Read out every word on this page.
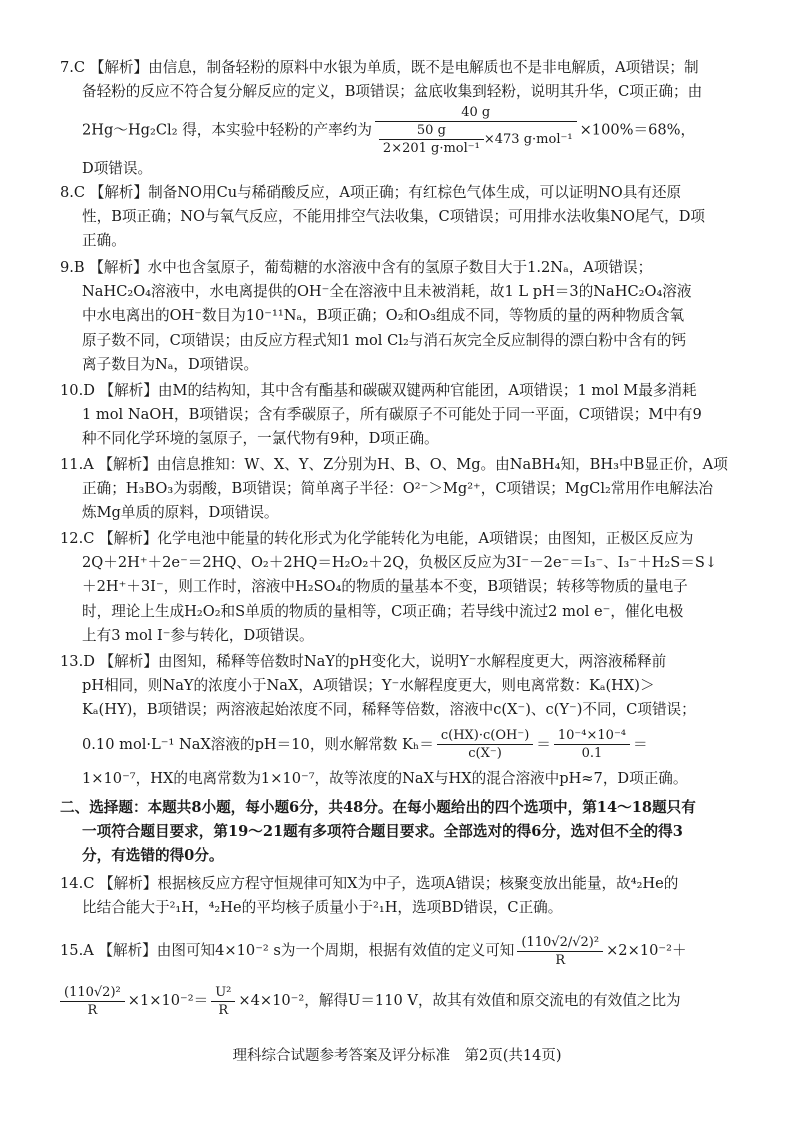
7.C 【解析】由信息，制备轻粉的原料中水银为单质，既不是电解质也不是非电解质，A项错误；制
备轻粉的反应不符合复分解反应的定义，B项错误；盆底收集到轻粉，说明其升华，C项正确；由
2Hg～Hg₂Cl₂ 得，本实验中轻粉的产率约为 $\frac{40 g}{\frac{50 g}{\text{2×201 g·mol⁻¹}} \times 473 g\cdot mol^{-1}} \times 100\%=68\%$，
D项错误。
8.C 【解析】制备NO用Cu与稀硝酸反应，A项正确；有红棕色气体生成，可以证明NO具有还原
性，B项正确；NO与氧气反应，不能用排空气法收集，C项错误；可用排水法收集NO尾气，D项
正确。
9.B 【解析】水中也含氢原子，葡萄糖的水溶液中含有的氢原子数目大于1.2Nₐ，A项错误；
NaHC₂O₄溶液中，水电离提供的OH⁻全在溶液中且未被消耗，故1 L pH＝3的NaHC₂O₄溶液
中水电离出的OH⁻数目为10⁻¹¹Nₐ，B项正确；O₂和O₃组成不同，等物质的量的两种物质含氧
原子数不同，C项错误；由反应方程式知1 mol Cl₂与消石灰完全反应制得的漂白粉中含有的钙
离子数目为Nₐ，D项错误。
10.D 【解析】由M的结构知，其中含有酯基和碳碳双键两种官能团，A项错误；1 mol M最多消耗
1 mol NaOH，B项错误；含有季碳原子，所有碳原子不可能处于同一平面，C项错误；M中有9
种不同化学环境的氢原子，一氯代物有9种，D项正确。
11.A 【解析】由信息推知：W、X、Y、Z分别为H、B、O、Mg。由NaBH₄知，BH₃中B显正价，A项
正确；H₃BO₃为弱酸，B项错误；简单离子半径：O²⁻＞Mg²⁺，C项错误；MgCl₂常用作电解法冶
炼Mg单质的原料，D项错误。
12.C 【解析】化学电池中能量的转化形式为化学能转化为电能，A项错误；由图知，正极区反应为
2Q＋2H⁺＋2e⁻＝2HQ、O₂＋2HQ＝H₂O₂＋2Q，负极区反应为3I⁻－2e⁻＝I₃⁻、I₃⁻＋H₂S＝S↓
＋2H⁺＋3I⁻，则工作时，溶液中H₂SO₄的物质的量基本不变，B项错误；转移等物质的量电子
时，理论上生成H₂O₂和S单质的物质的量相等，C项正确；若导线中流过2 mol e⁻，催化电极
上有3 mol I⁻参与转化，D项错误。
13.D 【解析】由图知，稀释等倍数时NaY的pH变化大，说明Y⁻水解程度更大，两溶液稀释前
pH相同，则NaY的浓度小于NaX，A项错误；Y⁻水解程度更大，则电离常数：Kₐ(HX)＞
Kₐ(HY)，B项错误；两溶液起始浓度不同，稀释等倍数，溶液中c(X⁻)、c(Y⁻)不同，C项错误；
0.10 mol·L⁻¹ NaX溶液的pH＝10，则水解常数 $K_h= \frac{c(HX)\cdot c(OH^-)}{c(X^-)} = \frac{\text{10⁻⁴×10⁻⁴}}{0.1}$ ＝
1×10⁻⁷，HX的电离常数为1×10⁻⁷，故等浓度的NaX与HX的混合溶液中pH≈7，D项正确。
二、选择题：本题共8小题，每小题6分，共48分。在每小题给出的四个选项中，第14～18题只有
一项符合题目要求，第19～21题有多项符合题目要求。全部选对的得6分，选对但不全的得3
分，有选错的得0分。
14.C 【解析】根据核反应方程守恒规律可知X为中子，选项A错误；核聚变放出能量，故⁴₂He的
比结合能大于²₁H，⁴₂He的平均核子质量小于²₁H，选项BD错误，C正确。
15.A 【解析】由图可知4×10⁻² s为一个周期，根据有效值的定义可知 $\frac{\text{(110√2/√2)²}}{R} \times 2\times 10^{-2}+$
$\frac{\text{(110√2)²}}{R} \times 1\times 10^{-2}= \frac{\text{U²}}{R} \times 4\times 10^{-2}$，解得U＝110 V，故其有效值和原交流电的有效值之比为
理科综合试题参考答案及评分标准　第2页(共14页)
